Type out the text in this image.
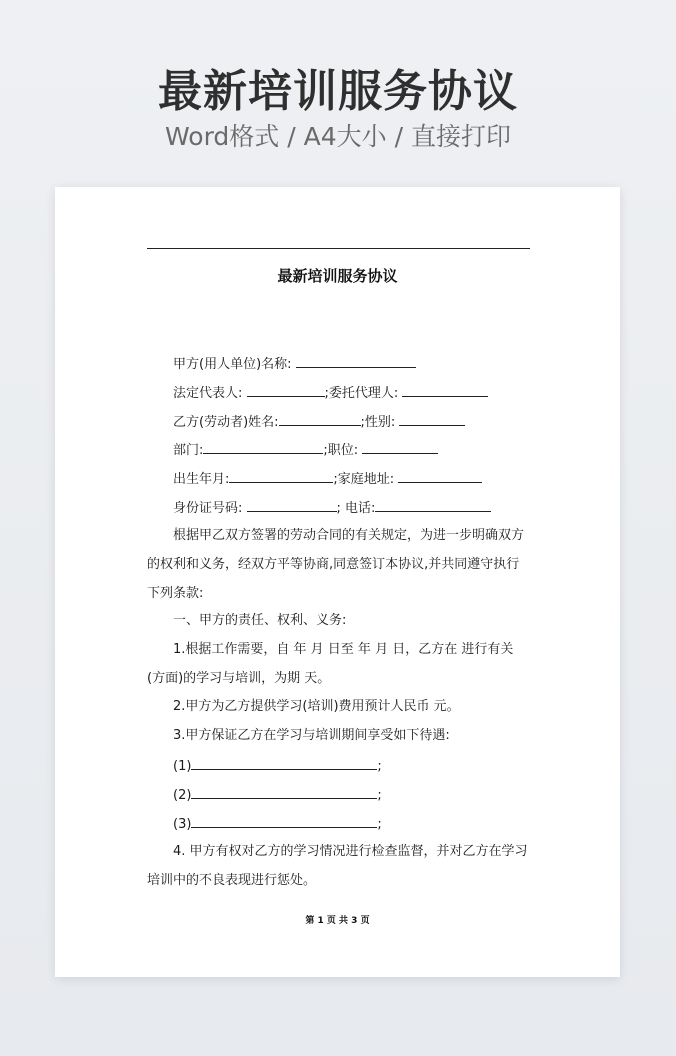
最新培训服务协议
Word格式 / A4大小 / 直接打印
最新培训服务协议
甲方(用人单位)名称:
法定代表人:	;委托代理人:
乙方(劳动者)姓名:	;性别:
部门:	;职位:
出生年月:	;家庭地址:
身份证号码:	; 电话:
根据甲乙双方签署的劳动合同的有关规定，为进一步明确双方的权利和义务，经双方平等协商,同意签订本协议,并共同遵守执行下列条款:
一、甲方的责任、权利、义务:
1.根据工作需要，自 年 月 日至 年 月 日，乙方在 进行有关(方面)的学习与培训，为期 天。
2.甲方为乙方提供学习(培训)费用预计人民币 元。
3.甲方保证乙方在学习与培训期间享受如下待遇:
(1)	;
(2)	;
(3)	;
4. 甲方有权对乙方的学习情况进行检查监督，并对乙方在学习培训中的不良表现进行惩处。
第 1 页 共 3 页
